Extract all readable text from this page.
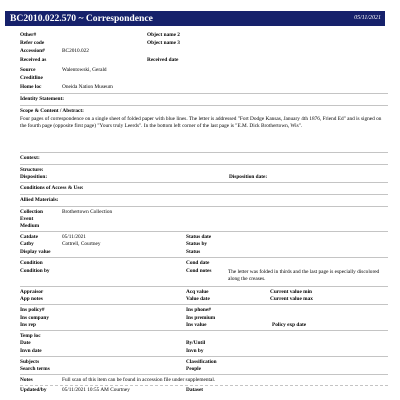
BC2010.022.570 ~ Correspondence	05/11/2021
Other#	Object name 2
Refer code	Object name 3
Accession#	BC2010.022
Received as	Received date
Source	Walentowski, Gerald
Creditline
Home loc	Oneida Nation Museum
Identity Statement:
Scope & Content / Abstract:
Four pages of correspondence on a single sheet of folded paper with blue lines. The letter is addressed "Fort Dodge Kansas, January 4th 1876, Friend Ed" and is signed on the fourth page (opposite first page) "Yours truly Leerds". In the bottom left corner of the last page is "E.M. Dick Brothertown, Wis".
Context:
Structure:
Disposition:	Disposition date:
Conditions of Access & Use:
Allied Materials:
Collection	Brothertown Collection
Event
Medium
Catdate	05/11/2021	Status date
Catby	Cottrell, Courtney	Status by
Display value	Status
Condition	Cond date
Condition by	Cond notes	The letter was folded in thirds and the last page is especially discolored along the creases.
Appraisor	Acq value	Current value min
App notes	Value date	Current value max
Ins policy#	Ins phone#
Ins company	Ins premium
Ins rep	Ins value	Policy exp date
Temp loc
Date	By/Until
Invn date	Invn by
Subjects	Classification
Search terms	People
Notes	Full scan of this item can be found in accession file under supplemental.
Updated/by	05/11/2021 10:55 AM Courtney	Dataset
